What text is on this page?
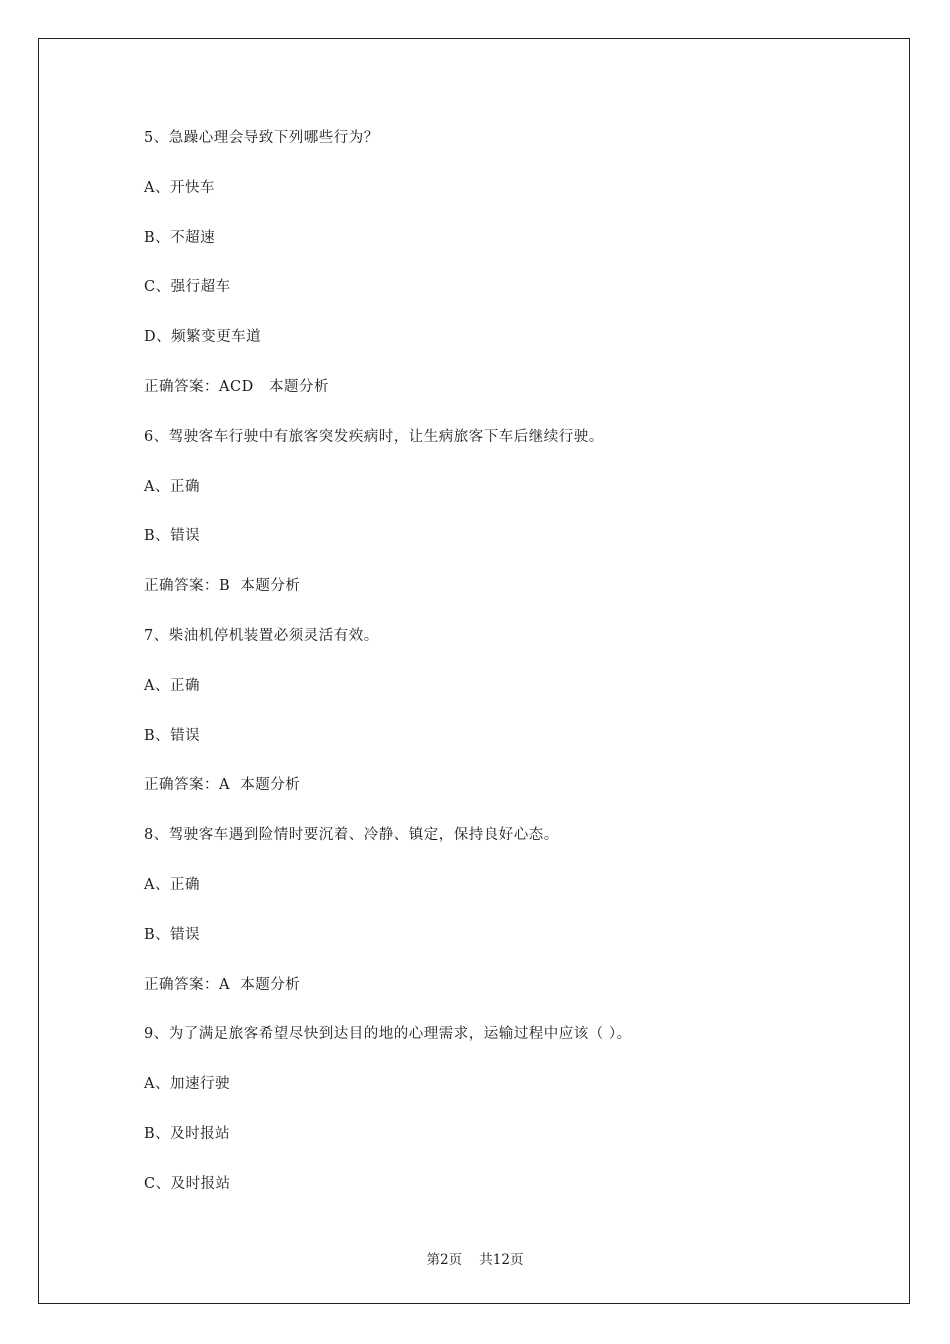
5、急躁心理会导致下列哪些行为？
A、开快车
B、不超速
C、强行超车
D、频繁变更车道
正确答案：ACD   本题分析
6、驾驶客车行驶中有旅客突发疾病时，让生病旅客下车后继续行驶。
A、正确
B、错误
正确答案：B  本题分析
7、柴油机停机装置必须灵活有效。
A、正确
B、错误
正确答案：A  本题分析
8、驾驶客车遇到险情时要沉着、冷静、镇定，保持良好心态。
A、正确
B、错误
正确答案：A  本题分析
9、为了满足旅客希望尽快到达目的地的心理需求，运输过程中应该（ ）。
A、加速行驶
B、及时报站
C、及时报站
第2页    共12页
